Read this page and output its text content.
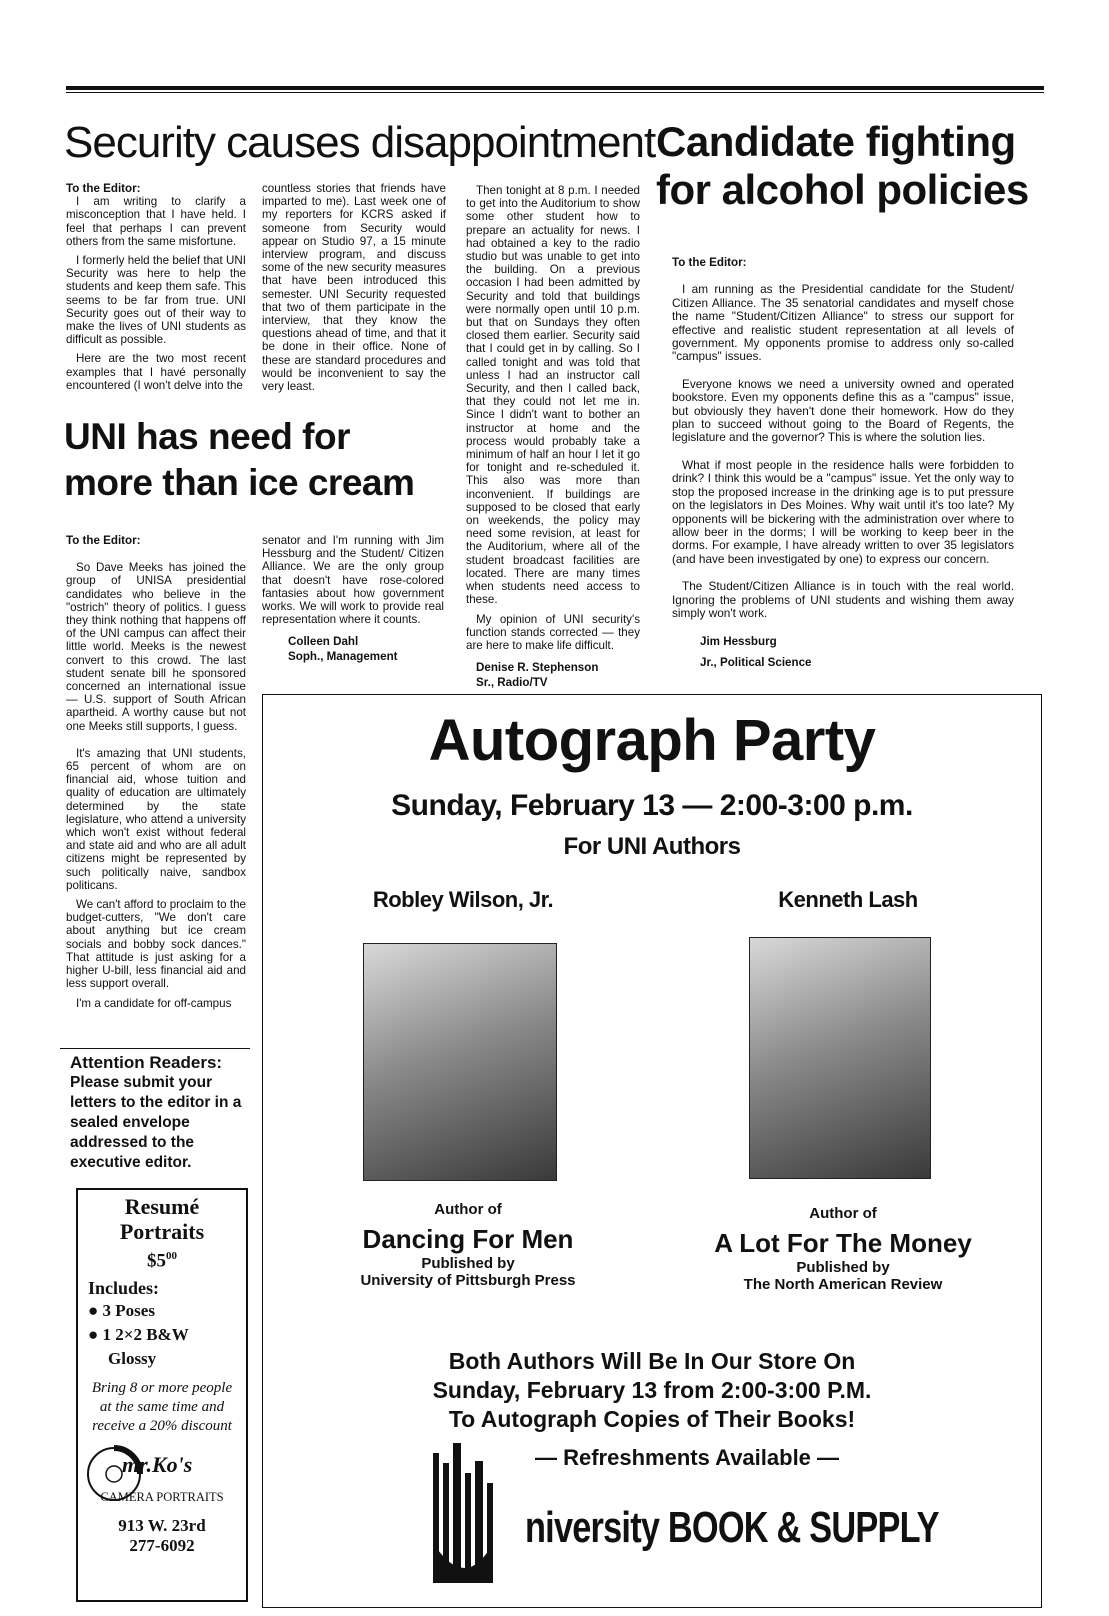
Security causes disappointment
To the Editor:

I am writing to clarify a misconception that I have held. I feel that perhaps I can prevent others from the same misfortune.

I formerly held the belief that UNI Security was here to help the students and keep them safe. This seems to be far from true. UNI Security goes out of their way to make the lives of UNI students as difficult as possible.

Here are the two most recent examples that I havé personally encountered (I won't delve into the

countless stories that friends have imparted to me). Last week one of my reporters for KCRS asked if someone from Security would appear on Studio 97, a 15 minute interview program, and discuss some of the new security measures that have been introduced this semester. UNI Security requested that two of them participate in the interview, that they know the questions ahead of time, and that it be done in their office. None of these are standard procedures and would be inconvenient to say the very least.

Then tonight at 8 p.m. I needed to get into the Auditorium to show some other student how to prepare an actuality for news. I had obtained a key to the radio studio but was unable to get into the building. On a previous occasion I had been admitted by Security and told that buildings were normally open until 10 p.m. but that on Sundays they often closed them earlier. Security said that I could get in by calling. So I called tonight and was told that unless I had an instructor call Security, and then I called back, that they could not let me in. Since I didn't want to bother an instructor at home and the process would probably take a minimum of half an hour I let it go for tonight and re-scheduled it. This also was more than inconvenient. If buildings are supposed to be closed that early on weekends, the policy may need some revision, at least for the Auditorium, where all of the student broadcast facilities are located. There are many times when students need access to these.

My opinion of UNI security's function stands corrected — they are here to make life difficult.

Denise R. Stephenson
Sr., Radio/TV
Candidate fighting
for alcohol policies
To the Editor:

I am running as the Presidential candidate for the Student/ Citizen Alliance. The 35 senatorial candidates and myself chose the name "Student/Citizen Alliance" to stress our support for effective and realistic student representation at all levels of government. My opponents promise to address only so-called "campus" issues.

Everyone knows we need a university owned and operated bookstore. Even my opponents define this as a "campus" issue, but obviously they haven't done their homework. How do they plan to succeed without going to the Board of Regents, the legislature and the governor? This is where the solution lies.

What if most people in the residence halls were forbidden to drink? I think this would be a "campus" issue. Yet the only way to stop the proposed increase in the drinking age is to put pressure on the legislators in Des Moines. Why wait until it's too late? My opponents will be bickering with the administration over where to allow beer in the dorms; I will be working to keep beer in the dorms. For example, I have already written to over 35 legislators (and have been investigated by one) to express our concern.

The Student/Citizen Alliance is in touch with the real world. Ignoring the problems of UNI students and wishing them away simply won't work.

Jim Hessburg
Jr., Political Science
UNI has need for
more than ice cream
To the Editor:

So Dave Meeks has joined the group of UNISA presidential candidates who believe in the "ostrich" theory of politics. I guess they think nothing that happens off of the UNI campus can affect their little world. Meeks is the newest convert to this crowd. The last student senate bill he sponsored concerned an international issue — U.S. support of South African apartheid. A worthy cause but not one Meeks still supports, I guess.

It's amazing that UNI students, 65 percent of whom are on financial aid, whose tuition and quality of education are ultimately determined by the state legislature, who attend a university which won't exist without federal and state aid and who are all adult citizens might be represented by such politically naive, sandbox politicans.

We can't afford to proclaim to the budget-cutters, "We don't care about anything but ice cream socials and bobby sock dances." That attitude is just asking for a higher U-bill, less financial aid and less support overall.

I'm a candidate for off-campus

senator and I'm running with Jim Hessburg and the Student/ Citizen Alliance. We are the only group that doesn't have rose-colored fantasies about how government works. We will work to provide real representation where it counts.

Colleen Dahl
Soph., Management
Attention Readers:
Please submit your letters to the editor in a sealed envelope addressed to the executive editor.
Resumé
Portraits
$\$5^{00}$
Includes:
● 3 Poses
● 1 2×2 B&W
Glossy
Bring 8 or more people at the same time and receive a 20% discount
mr.Ko's
CAMERA PORTRAITS
913 W. 23rd
277-6092
Autograph Party
Sunday, February 13 — 2:00-3:00 p.m.
For UNI Authors
Robley Wilson, Jr.	Kenneth Lash
Author of
Dancing For Men
Published by
University of Pittsburgh Press
Author of
A Lot For The Money
Published by
The North American Review
Both Authors Will Be In Our Store On
Sunday, February 13 from 2:00-3:00 P.M.
To Autograph Copies of Their Books!
— Refreshments Available —
niversity BOOK & SUPPLY
